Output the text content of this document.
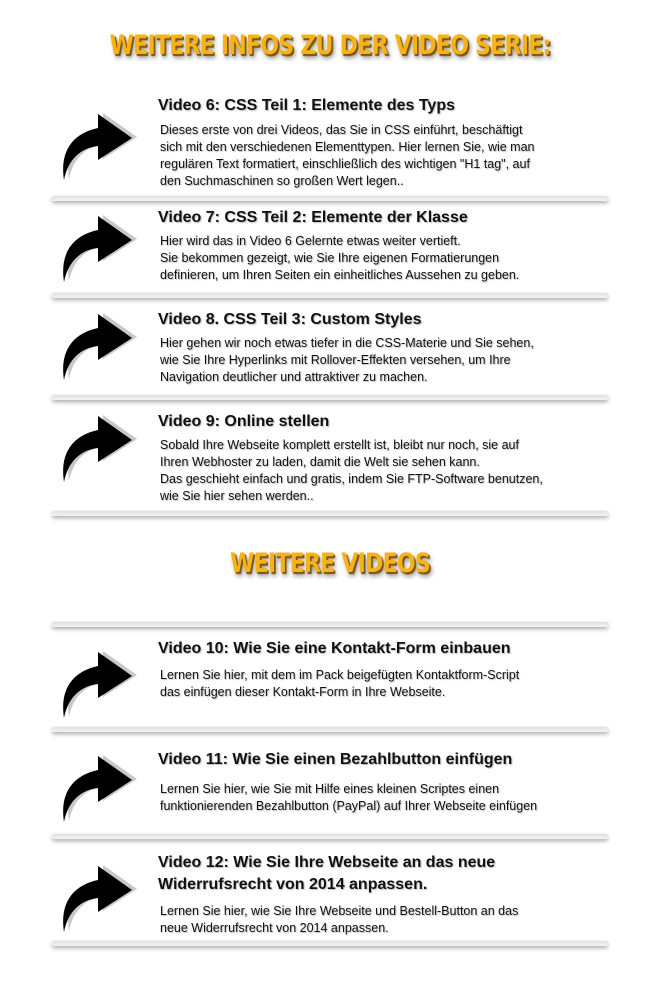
WEITERE INFOS ZU DER VIDEO SERIE:
Video 6: CSS Teil 1: Elemente des Typs
Dieses erste von drei Videos, das Sie in CSS einführt, beschäftigt
sich mit den verschiedenen Elementtypen. Hier lernen Sie, wie man
regulären Text formatiert, einschließlich des wichtigen "H1 tag", auf
den Suchmaschinen so großen Wert legen..
Video 7: CSS Teil 2: Elemente der Klasse
Hier wird das in Video 6 Gelernte etwas weiter vertieft.
Sie bekommen gezeigt, wie Sie Ihre eigenen Formatierungen
definieren, um Ihren Seiten ein einheitliches Aussehen zu geben.
Video 8. CSS Teil 3: Custom Styles
Hier gehen wir noch etwas tiefer in die CSS-Materie und Sie sehen,
wie Sie Ihre Hyperlinks mit Rollover-Effekten versehen, um Ihre
Navigation deutlicher und attraktiver zu machen.
Video 9: Online stellen
Sobald Ihre Webseite komplett erstellt ist, bleibt nur noch, sie auf
Ihren Webhoster zu laden, damit die Welt sie sehen kann.
Das geschieht einfach und gratis, indem Sie FTP-Software benutzen,
wie Sie hier sehen werden..
WEITERE VIDEOS
Video 10: Wie Sie eine Kontakt-Form einbauen
Lernen Sie hier, mit dem im Pack beigefügten Kontaktform-Script
das einfügen dieser Kontakt-Form in Ihre Webseite.
Video 11: Wie Sie einen Bezahlbutton einfügen
Lernen Sie hier, wie Sie mit Hilfe eines kleinen Scriptes einen
funktionierenden Bezahlbutton (PayPal) auf Ihrer Webseite einfügen
Video 12: Wie Sie Ihre Webseite an das neue
Widerrufsrecht von 2014 anpassen.
Lernen Sie hier, wie Sie Ihre Webseite und Bestell-Button an das
neue Widerrufsrecht von 2014 anpassen.
